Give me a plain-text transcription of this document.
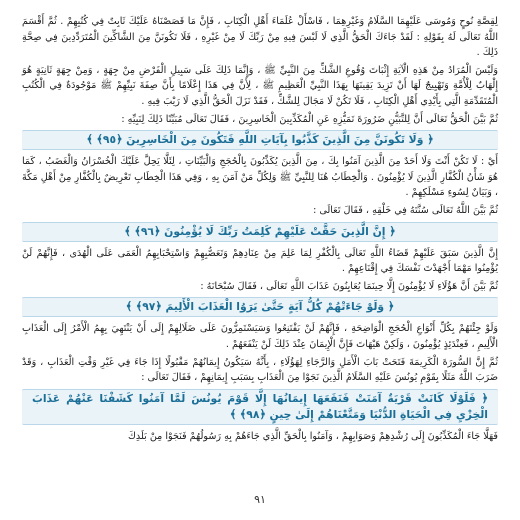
لِقِصَّةِ نُوحٍ وَمُوسَى عَلَيْهِمَا السَّلَامُ وَغَيْرِهِمَا ، فَاسْأَلْ عُلَمَاءَ أَهْلِ الْكِتَابِ ، فَإِنَّ مَا قَصَصْنَاهُ عَلَيْكَ ثَابِتٌ فِي كُتُبِهِمْ . ثُمَّ أَقْسَمَ اللَّهُ تَعَالَى لَهُ بِقَوْلِهِ : لَقَدْ جَاءَكَ الْحَقُّ الَّذِي لَا لَبْسَ فِيهِ مِنْ رَبِّكَ لَا مِنْ غَيْرِهِ ، فَلَا تَكُونَنَّ مِنَ الشَّاكِّينَ الْمُتَرَدِّدِينَ فِي صِحَّةِ ذَلِكَ .

وَلَيْسَ الْمُرَادُ مِنْ هَذِهِ الْآيَةِ إِثْبَاتَ وُقُوعِ الشَّكِّ مِنَ النَّبِيِّ ﷺ ، وَإِنَّمَا ذَلِكَ عَلَى سَبِيلِ الْفَرْضِ مِنْ جِهَةٍ ، وَمِنْ جِهَةٍ ثَانِيَةٍ هُوَ إِلْهَابٌ لِلْأُمَّةِ وَتَهْيِيجٌ لَهَا أَنْ تَزِيدَ يَقِينَهَا بِهَذَا النَّبِيِّ الْعَظِيمِ ﷺ ، لِأَنَّ فِي هَذَا إِعْلَامًا بِأَنَّ صِفَةَ نَبِيِّهِمْ ﷺ مَوْجُودَةٌ فِي الْكُتُبِ الْمُتَقَدِّمَةِ الَّتِي بِأَيْدِي أَهْلِ الْكِتَابِ ، فَلَا تَكُنْ لَا مَجَالَ لِلشَّكِّ ، فَقَدْ نَزَلَ الْحَقُّ الَّذِي لَا رَيْبَ فِيهِ .

ثُمَّ بَيَّنَ الْحَقُّ تَعَالَى أَنَّ لِلتَّبَيُّنِ ضَرُورَةَ تَمَيُّزِهِ عَنِ الْمُكَذِّبِينَ الْخَاسِرِينَ ، فَقَالَ تَعَالَى مُبَيِّنًا ذَلِكَ لِنَبِيِّهِ :

﴿ وَلَا تَكُونَنَّ مِنَ الَّذِينَ كَذَّبُوا بِآيَاتِ اللَّهِ فَتَكُونَ مِنَ الْخَاسِرِينَ ﴿٩٥﴾ ﴾

أَيْ : لَا تَكُنْ أَنْتَ وَلَا أَحَدٌ مِنَ الَّذِينَ آمَنُوا بِكَ ، مِنَ الَّذِينَ يُكَذِّبُونَ بِالْحُجَجِ وَالْبَيِّنَاتِ ، لِئَلَّا يَحِلَّ عَلَيْكَ الْخُسْرَانُ وَالْغَضَبُ ، كَمَا هُوَ شَأْنُ الْكُفَّارِ الَّذِينَ لَا يُؤْمِنُونَ . وَالْخِطَابُ هُنَا لِلنَّبِيِّ ﷺ وَلِكُلِّ مَنْ آمَنَ بِهِ ، وَفِي هَذَا الْخِطَابِ تَعْرِيضٌ بِالْكُفَّارِ مِنْ أَهْلِ مَكَّةَ ، وَبَيَانٌ لِسُوءِ مَسْلَكِهِمْ .

ثُمَّ بَيَّنَ اللَّهُ تَعَالَى سُنَّتَهُ فِي خَلْقِهِ ، فَقَالَ تَعَالَى :

﴿ إِنَّ الَّذِينَ حَقَّتْ عَلَيْهِمْ كَلِمَتُ رَبِّكَ لَا يُؤْمِنُونَ ﴿٩٦﴾ ﴾

إِنَّ الَّذِينَ سَبَقَ عَلَيْهِمْ قَضَاءُ اللَّهِ تَعَالَى بِالْكُفْرِ لِمَا عَلِمَ مِنْ عِنَادِهِمْ وَتَعَصُّبِهِمْ وَاسْتِحْبَابِهِمُ الْعَمَى عَلَى الْهُدَى ، فَإِنَّهُمْ لَنْ يُؤْمِنُوا مَهْمَا أَجْهَدْتَ نَفْسَكَ فِي إِقْنَاعِهِمْ .

ثُمَّ بَيَّنَ أَنَّ هَؤُلَاءِ لَا يُؤْمِنُونَ إِلَّا حِينَمَا يُعَايِنُونَ عَذَابَ اللَّهِ تَعَالَى ، فَقَالَ سُبْحَانَهُ :

﴿ وَلَوْ جَاءَتْهُمْ كُلُّ آيَةٍ حَتَّىٰ يَرَوُا الْعَذَابَ الْأَلِيمَ ﴿٩٧﴾ ﴾

وَلَوْ جِئْتَهُمْ بِكُلِّ أَنْوَاعِ الْحُجَجِ الْوَاضِحَةِ ، فَإِنَّهُمْ لَنْ يَقْتَنِعُوا وَسَيَسْتَمِرُّونَ عَلَى ضَلَالِهِمْ إِلَى أَنْ يَنْتَهِيَ بِهِمُ الْأَمْرُ إِلَى الْعَذَابِ الْأَلِيمِ ، فَعِنْدَئِذٍ يُؤْمِنُونَ ، وَلَكِنْ هَيْهَاتَ فَإِنَّ الْإِيمَانَ عِنْدَ ذَلِكَ لَنْ يَنْفَعَهُمْ .

ثُمَّ إِنَّ السُّورَةَ الْكَرِيمَةَ فَتَحَتْ بَابَ الْأَمَلِ وَالرَّجَاءِ لِهَؤُلَاءِ ، بِأَنَّهُ سَيَكُونُ إِيمَانُهُمْ مَقْبُولًا إِذَا جَاءَ فِي غَيْرِ وَقْتِ الْعَذَابِ ، وَقَدْ ضَرَبَ اللَّهُ مَثَلًا بِقَوْمِ يُونُسَ عَلَيْهِ السَّلَامُ الَّذِينَ نَجَوْا مِنَ الْعَذَابِ بِسَبَبِ إِيمَانِهِمْ ، فَقَالَ تَعَالَى :

﴿ فَلَوْلَا كَانَتْ قَرْيَةٌ آمَنَتْ فَنَفَعَهَا إِيمَانُهَا إِلَّا قَوْمَ يُونُسَ لَمَّا آمَنُوا كَشَفْنَا عَنْهُمْ عَذَابَ الْخِزْيِ فِي الْحَيَاةِ الدُّنْيَا وَمَتَّعْنَاهُمْ إِلَىٰ حِينٍ ﴿٩٨﴾ ﴾

فَهَلَّا جَاءَ الْمُكَذِّبُونَ إِلَى رُشْدِهِمْ وَصَوَابِهِمْ ، وَآمَنُوا بِالْحَقِّ الَّذِي جَاءَهُمْ بِهِ رَسُولُهُمْ فَنَجَوْا مِنْ بَلَدِكَ

٩١
